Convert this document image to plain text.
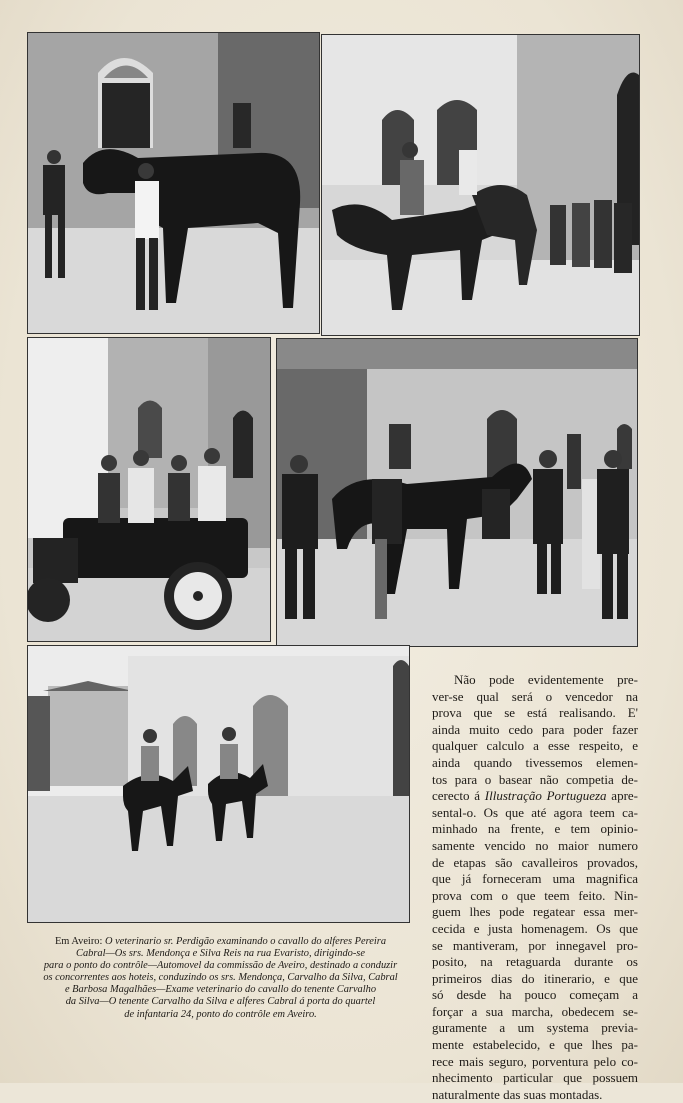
Em Aveiro: O veterinario sr. Perdigão examinando o cavallo do alferes Pereira
Cabral—Os srs. Mendonça e Silva Reis na rua Evaristo, dirigindo-se
para o ponto do contrôle—Automovel da commissão de Aveiro, destinado a conduzir
os concorrentes aos hoteis, conduzindo os srs. Mendonça, Carvalho da Silva, Cabral
e Barbosa Magalhães—Exame veterinario do cavallo do tenente Carvalho
da Silva—O tenente Carvalho da Silva e alferes Cabral á porta do quartel
de infantaria 24, ponto do contrôle em Aveiro.
Não pode evidentemente pre-
ver-se qual será o vencedor na
prova que se está realisando. E'
ainda muito cedo para poder fazer
qualquer calculo a esse respeito, e
ainda quando tivessemos elemen-
tos para o basear não competia de-
cerecto á Illustração Portugueza apre-
sental-o. Os que até agora teem ca-
minhado na frente, e tem opinio-
samente vencido no maior numero
de etapas são cavalleiros provados,
que já forneceram uma magnifica
prova com o que teem feito. Nin-
guem lhes pode regatear essa mer-
cecida e justa homenagem. Os que
se mantiveram, por innegavel pro-
posito, na retaguarda durante os
primeiros dias do itinerario, e que
só desde ha pouco começam a
forçar a sua marcha, obedecem se-
guramente a um systema previa-
mente estabelecido, e que lhes pa-
rece mais seguro, porventura pelo co-
nhecimento particular que possuem
naturalmente das suas montadas.
